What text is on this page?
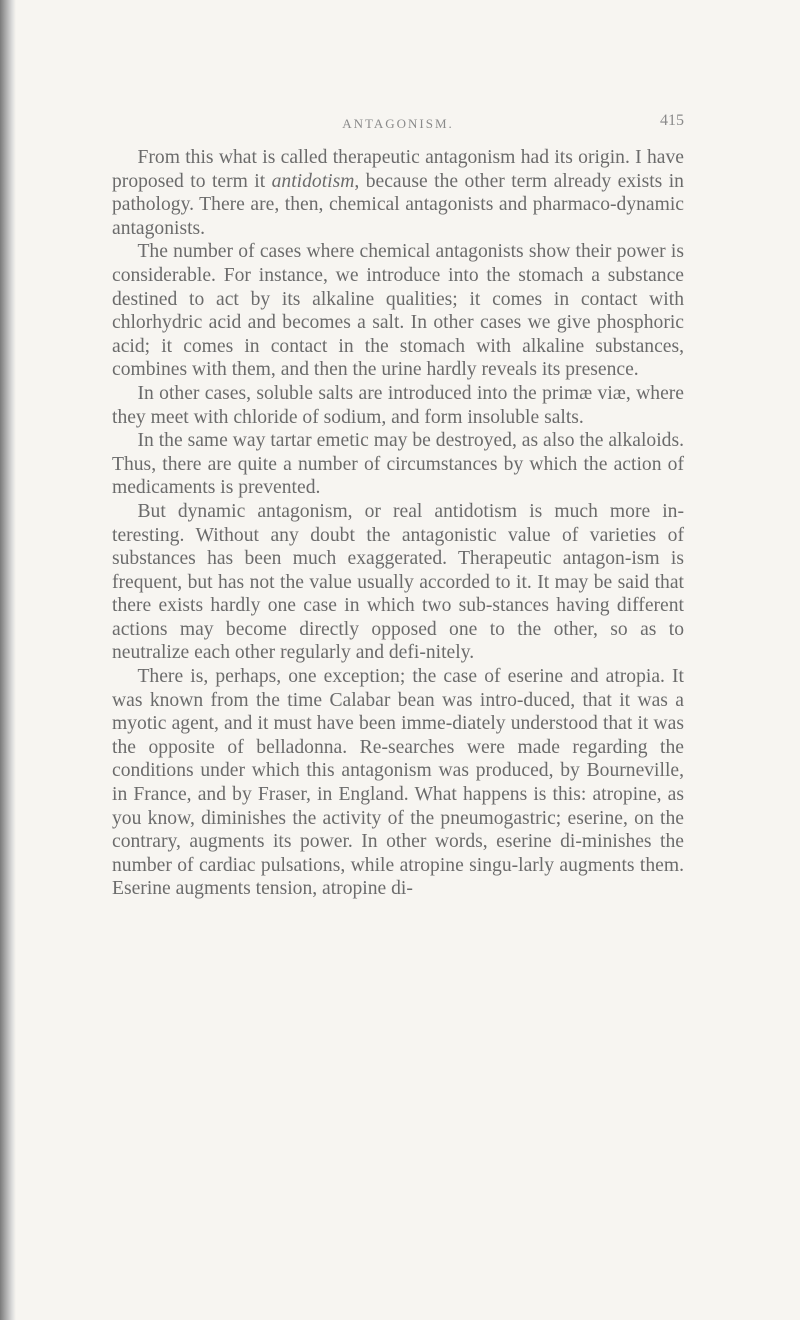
ANTAGONISM.	415

From this what is called therapeutic antagonism had its origin. I have proposed to term it antidotism, because the other term already exists in pathology. There are, then, chemical antagonists and pharmaco-dynamic antagonists.

The number of cases where chemical antagonists show their power is considerable. For instance, we introduce into the stomach a substance destined to act by its alkaline qualities; it comes in contact with chlorhydric acid and becomes a salt. In other cases we give phosphoric acid; it comes in contact in the stomach with alkaline substances, combines with them, and then the urine hardly reveals its presence.

In other cases, soluble salts are introduced into the primæ viæ, where they meet with chloride of sodium, and form insoluble salts.

In the same way tartar emetic may be destroyed, as also the alkaloids. Thus, there are quite a number of circumstances by which the action of medicaments is prevented.

But dynamic antagonism, or real antidotism is much more in-teresting. Without any doubt the antagonistic value of varieties of substances has been much exaggerated. Therapeutic antagon-ism is frequent, but has not the value usually accorded to it. It may be said that there exists hardly one case in which two sub-stances having different actions may become directly opposed one to the other, so as to neutralize each other regularly and defi-nitely.

There is, perhaps, one exception; the case of eserine and atropia. It was known from the time Calabar bean was intro-duced, that it was a myotic agent, and it must have been imme-diately understood that it was the opposite of belladonna. Re-searches were made regarding the conditions under which this antagonism was produced, by Bourneville, in France, and by Fraser, in England. What happens is this: atropine, as you know, diminishes the activity of the pneumogastric; eserine, on the contrary, augments its power. In other words, eserine di-minishes the number of cardiac pulsations, while atropine singu-larly augments them. Eserine augments tension, atropine di-
